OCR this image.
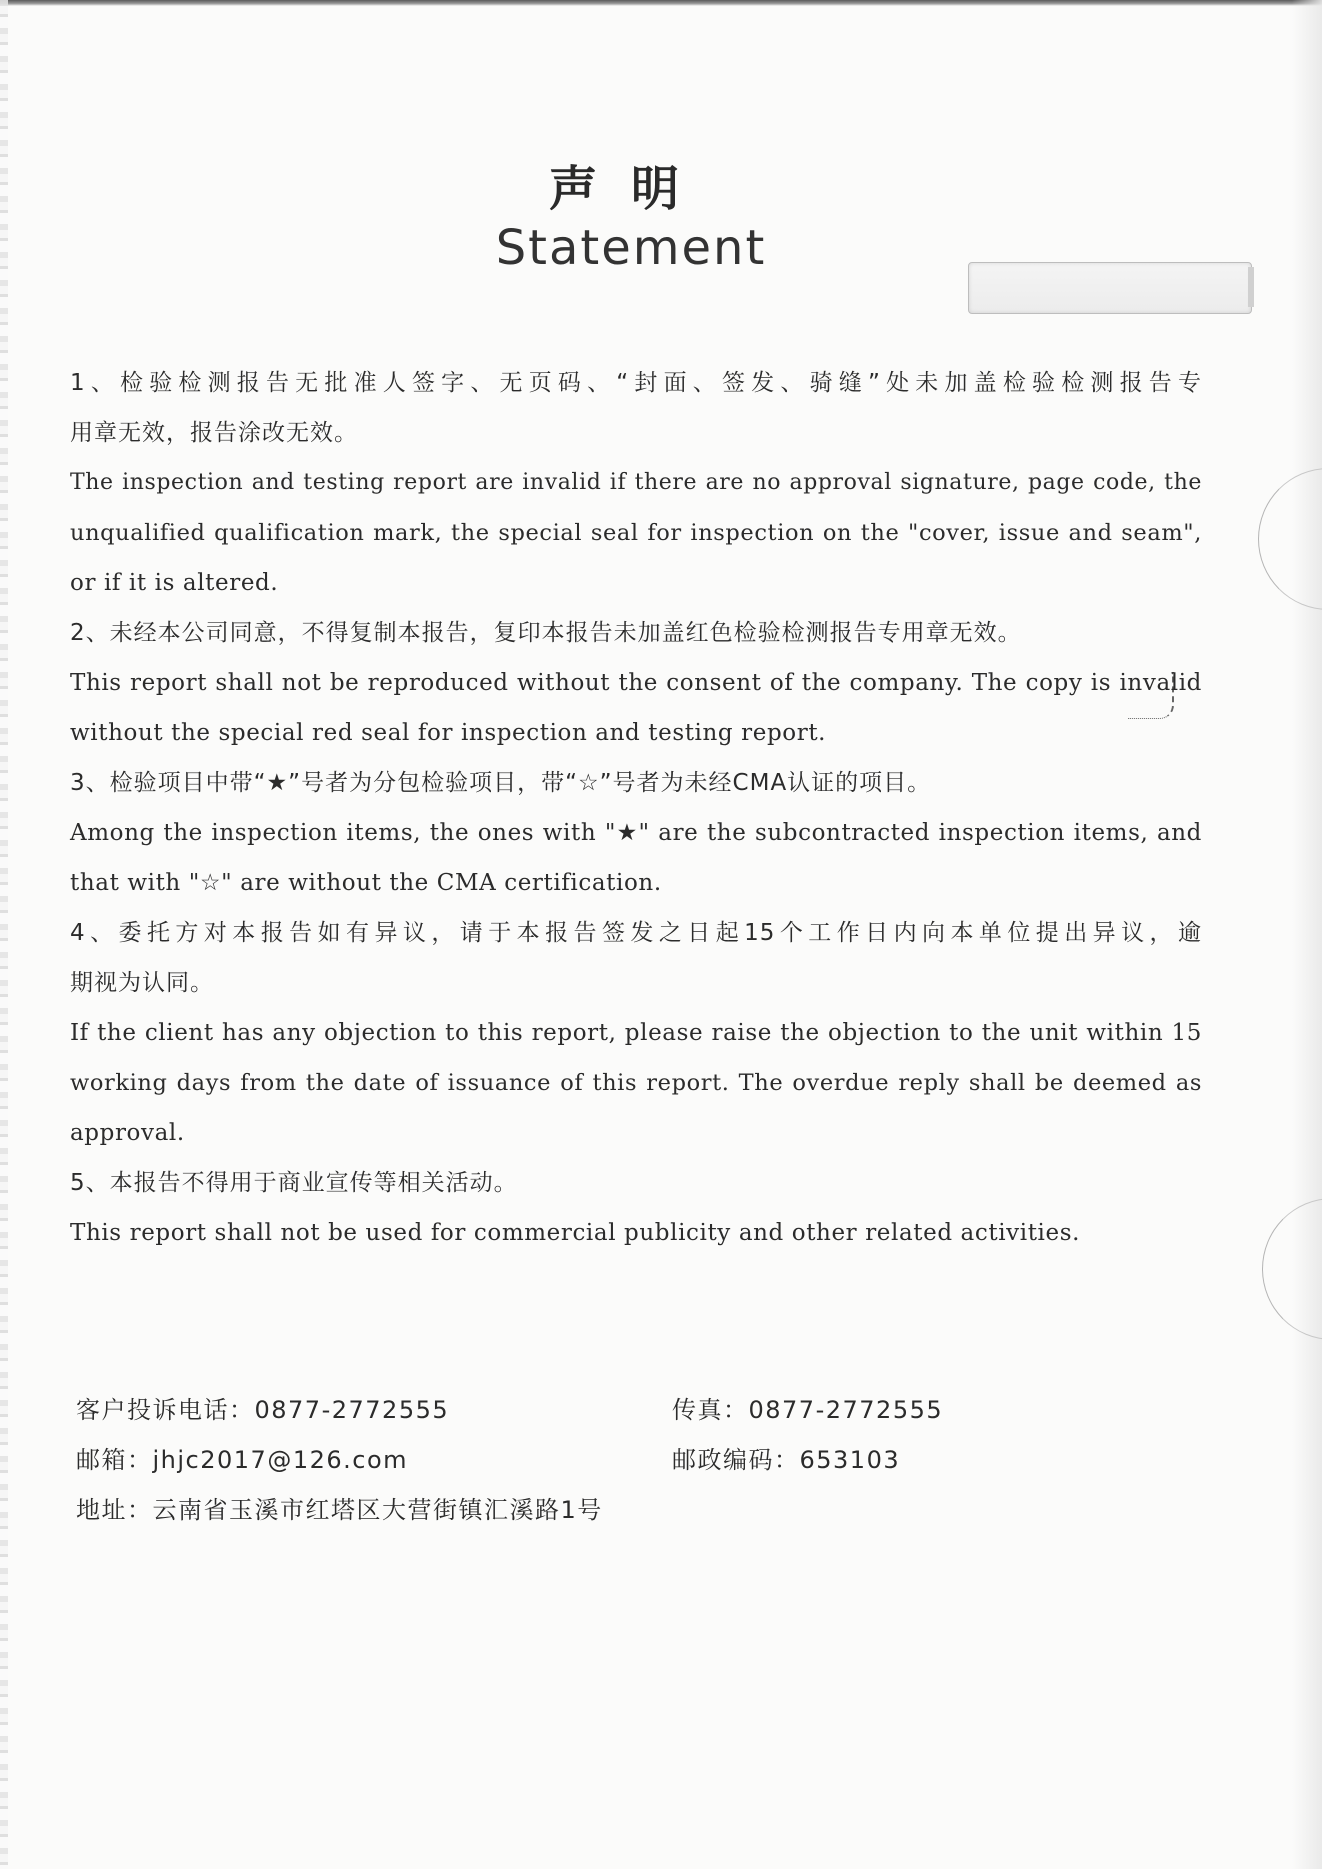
声明
Statement
1、检验检测报告无批准人签字、无页码、“封面、签发、骑缝”处未加盖检验检测报告专
用章无效，报告涂改无效。
The inspection and testing report are invalid if there are no approval signature, page code, the
unqualified qualification mark, the special seal for inspection on the "cover, issue and seam",
or if it is altered.
2、未经本公司同意，不得复制本报告，复印本报告未加盖红色检验检测报告专用章无效。
This report shall not be reproduced without the consent of the company. The copy is invalid
without the special red seal for inspection and testing report.
3、检验项目中带“★”号者为分包检验项目，带“☆”号者为未经CMA认证的项目。
Among the inspection items, the ones with "★" are the subcontracted inspection items, and
that with "☆" are without the CMA certification.
4、委托方对本报告如有异议，请于本报告签发之日起15个工作日内向本单位提出异议，逾
期视为认同。
If the client has any objection to this report, please raise the objection to the unit within 15
working days from the date of issuance of this report. The overdue reply shall be deemed as
approval.
5、本报告不得用于商业宣传等相关活动。
This report shall not be used for commercial publicity and other related activities.
客户投诉电话：0877-2772555	传真：0877-2772555
邮箱：jhjc2017@126.com	邮政编码：653103
地址：云南省玉溪市红塔区大营街镇汇溪路1号
